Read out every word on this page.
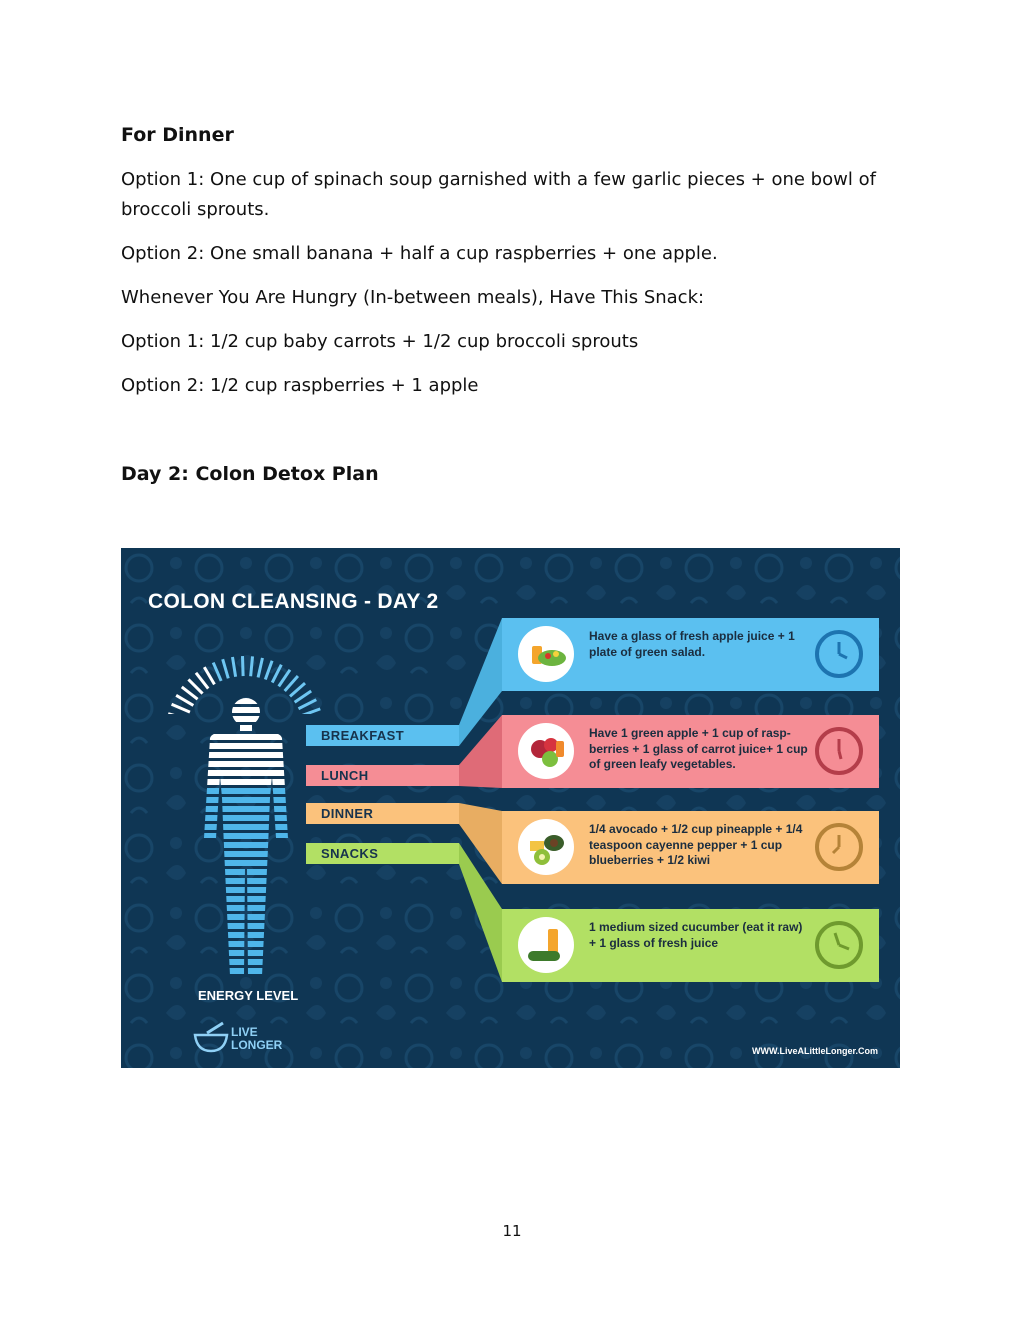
For Dinner

Option 1: One cup of spinach soup garnished with a few garlic pieces + one bowl of broccoli sprouts.

Option 2: One small banana + half a cup raspberries + one apple.

Whenever You Are Hungry (In-between meals), Have This Snack:

Option 1: 1/2 cup baby carrots + 1/2 cup broccoli sprouts

Option 2: 1/2 cup raspberries + 1 apple

Day 2: Colon Detox Plan
COLON CLEANSING - DAY 2
BREAKFAST
LUNCH
DINNER
SNACKS
Have a glass of fresh apple juice + 1 plate of green salad.
Have 1 green apple + 1 cup of rasp-berries + 1 glass of carrot juice+ 1 cup of green leafy vegetables.
1/4 avocado + 1/2 cup pineapple + 1/4 teaspoon cayenne pepper + 1 cup blueberries + 1/2 kiwi
1 medium sized cucumber (eat it raw) + 1 glass of fresh juice
ENERGY LEVEL
LIVE LONGER	WWW.LiveALittleLonger.Com
11
